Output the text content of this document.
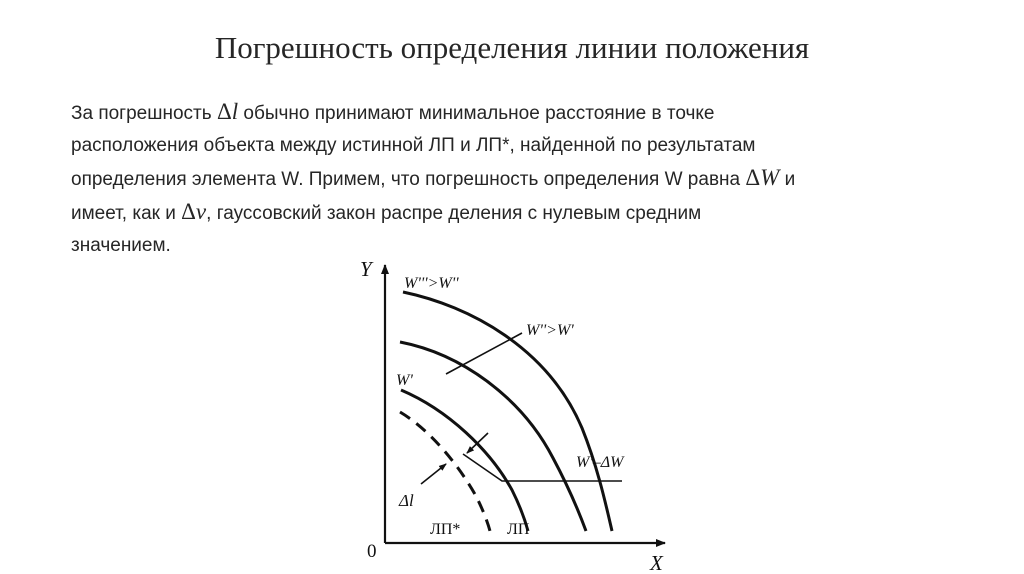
Погрешность определения линии положения
За погрешность Δl обычно принимают минимальное расстояние в точке
расположения объекта между истинной ЛП и ЛП*, найденной по результатам
определения элемента W. Примем, что погрешность определения W равна ΔW и
имеет, как и Δν, гауссовский закон распре деления с нулевым средним
значением.
Y
X
0
W'''>W''
W''>W'
W'
W'–ΔW
Δl
ЛП*	ЛП
